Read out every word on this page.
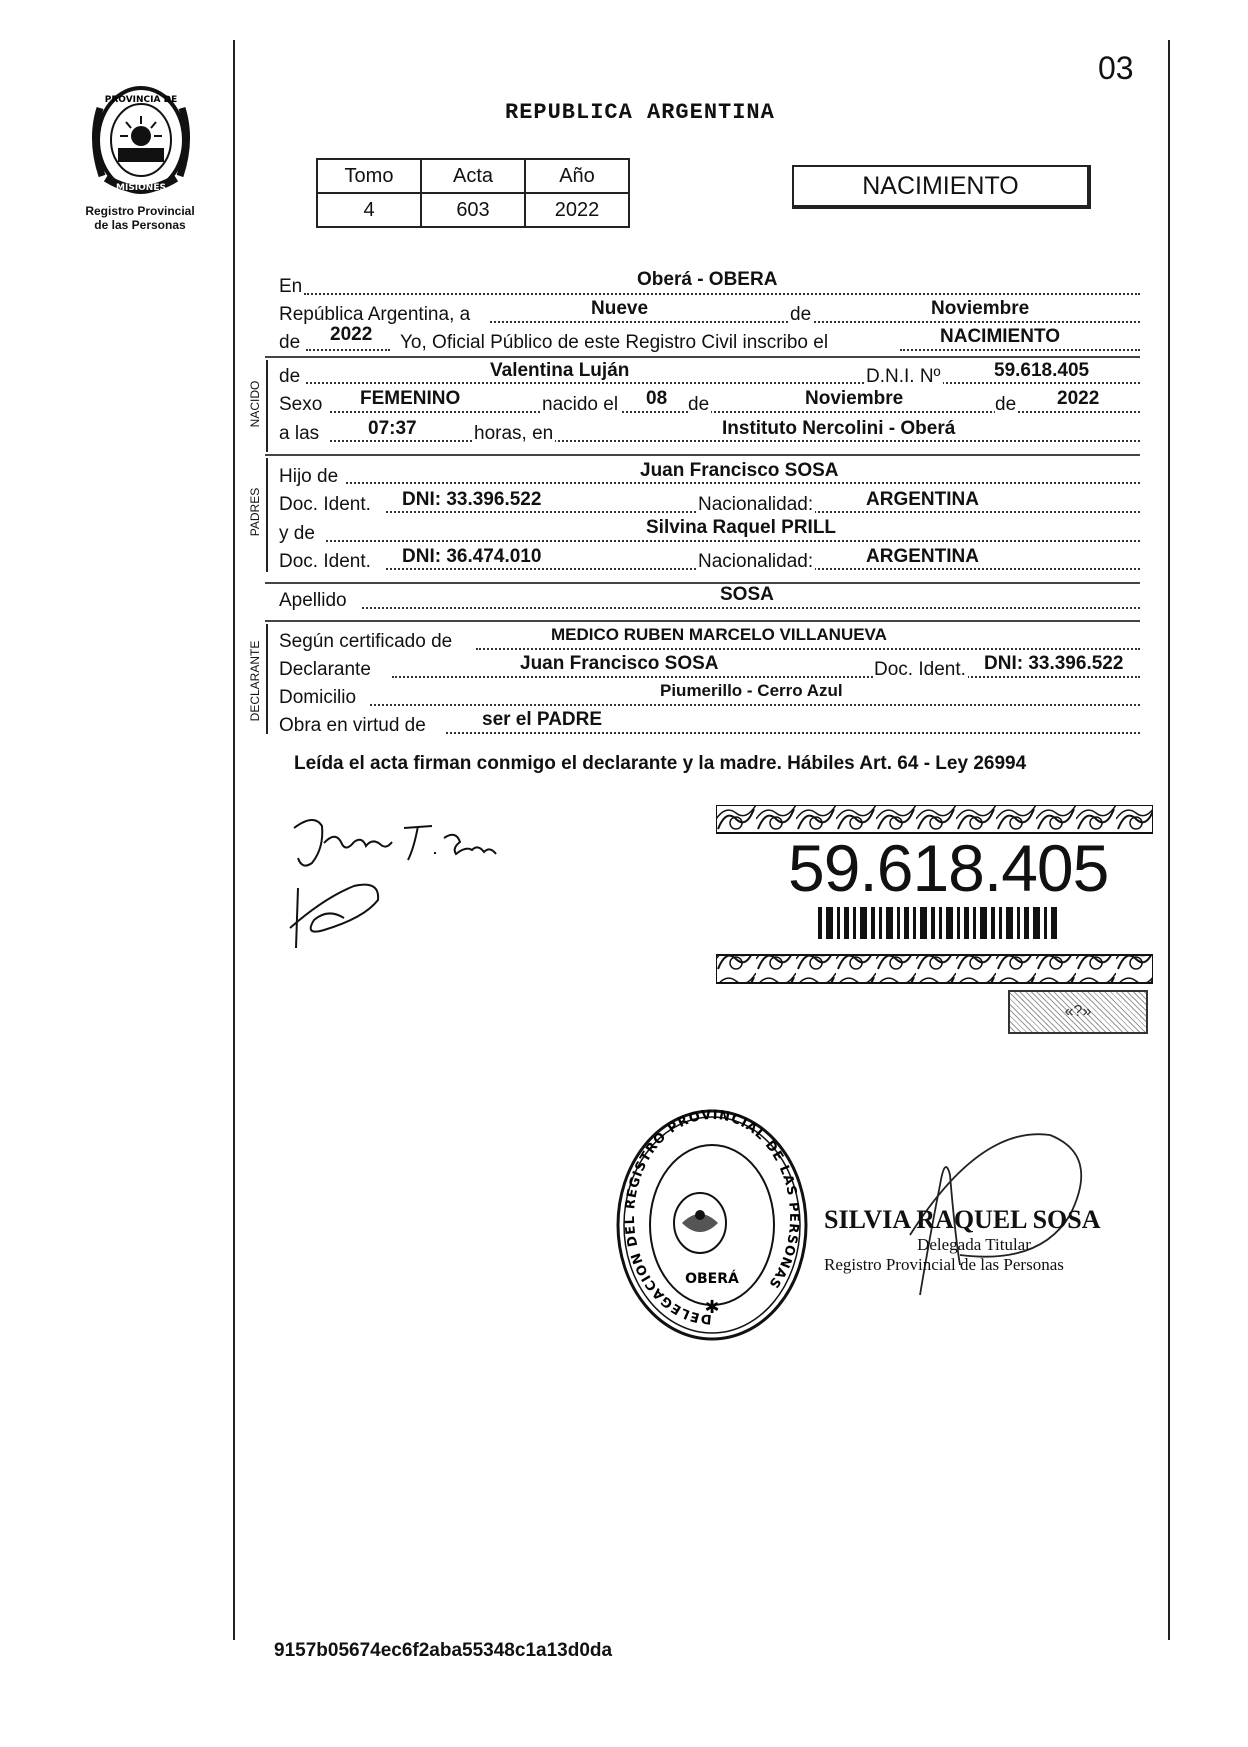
03
REPUBLICA ARGENTINA
PROVINCIA DE
MISIONES
Registro Provincial
de las Personas
Tomo	Acta	Año
4	603	2022
NACIMIENTO
En	Oberá - OBERA
República Argentina, a	Nueve	de	Noviembre
de 2022 Yo, Oficial Público de este Registro Civil inscribo el	NACIMIENTO
NACIDO
de	Valentina Luján	D.N.I. Nº	59.618.405
Sexo FEMENINO	nacido el 08 de	Noviembre	de 2022
a las	07:37	horas, en	Instituto Nercolini - Oberá
PADRES
Hijo de	Juan Francisco SOSA
Doc. Ident. DNI: 33.396.522	Nacionalidad:	ARGENTINA
y de	Silvina Raquel PRILL
Doc. Ident. DNI: 36.474.010	Nacionalidad:	ARGENTINA
Apellido	SOSA
DECLARANTE Según certificado de	MEDICO RUBEN MARCELO VILLANUEVA
Declarante	Juan Francisco SOSA	Doc. Ident. DNI: 33.396.522
Domicilio	Piumerillo - Cerro Azul
Obra en virtud de	ser el PADRE
Leída el acta firman conmigo el declarante y la madre. Hábiles Art. 64 - Ley 26994
59.618.405
«?»
DELEGACION DEL REGISTRO PROVINCIAL DE LAS PERSONAS
OBERÁ
✱
SILVIA RAQUEL SOSA
Delegada Titular
Registro Provincial de las Personas
9157b05674ec6f2aba55348c1a13d0da
